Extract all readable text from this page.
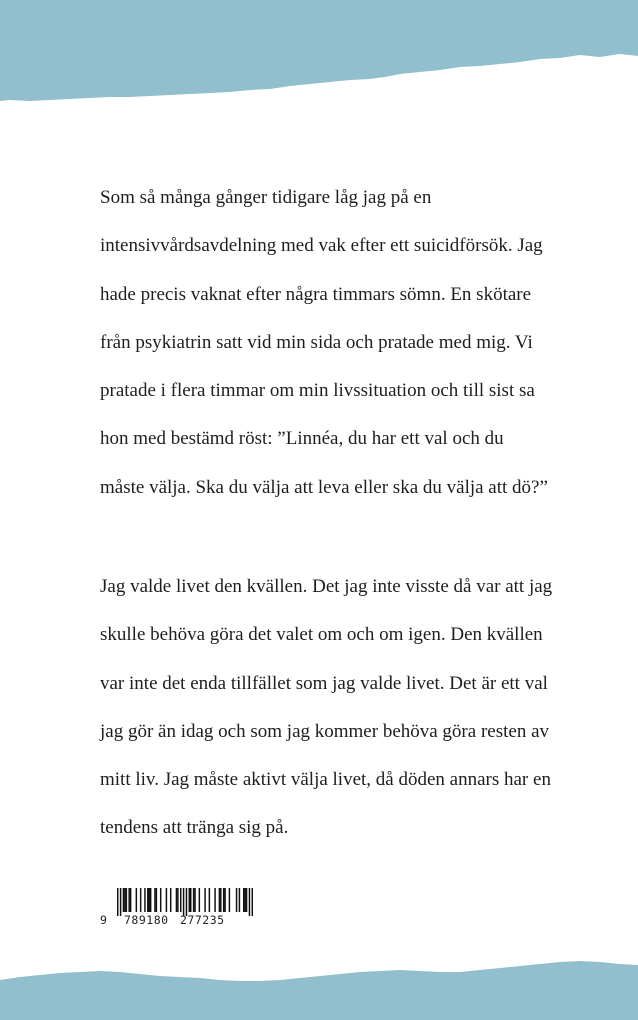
Som så många gånger tidigare låg jag på en
intensivvårdsavdelning med vak efter ett suicidförsök. Jag
hade precis vaknat efter några timmars sömn. En skötare
från psykiatrin satt vid min sida och pratade med mig. Vi
pratade i flera timmar om min livssituation och till sist sa
hon med bestämd röst: ”Linnéa, du har ett val och du
måste välja. Ska du välja att leva eller ska du välja att dö?”
Jag valde livet den kvällen. Det jag inte visste då var att jag
skulle behöva göra det valet om och om igen. Den kvällen
var inte det enda tillfället som jag valde livet. Det är ett val
jag gör än idag och som jag kommer behöva göra resten av
mitt liv. Jag måste aktivt välja livet, då döden annars har en
tendens att tränga sig på.
9 789180 277235
